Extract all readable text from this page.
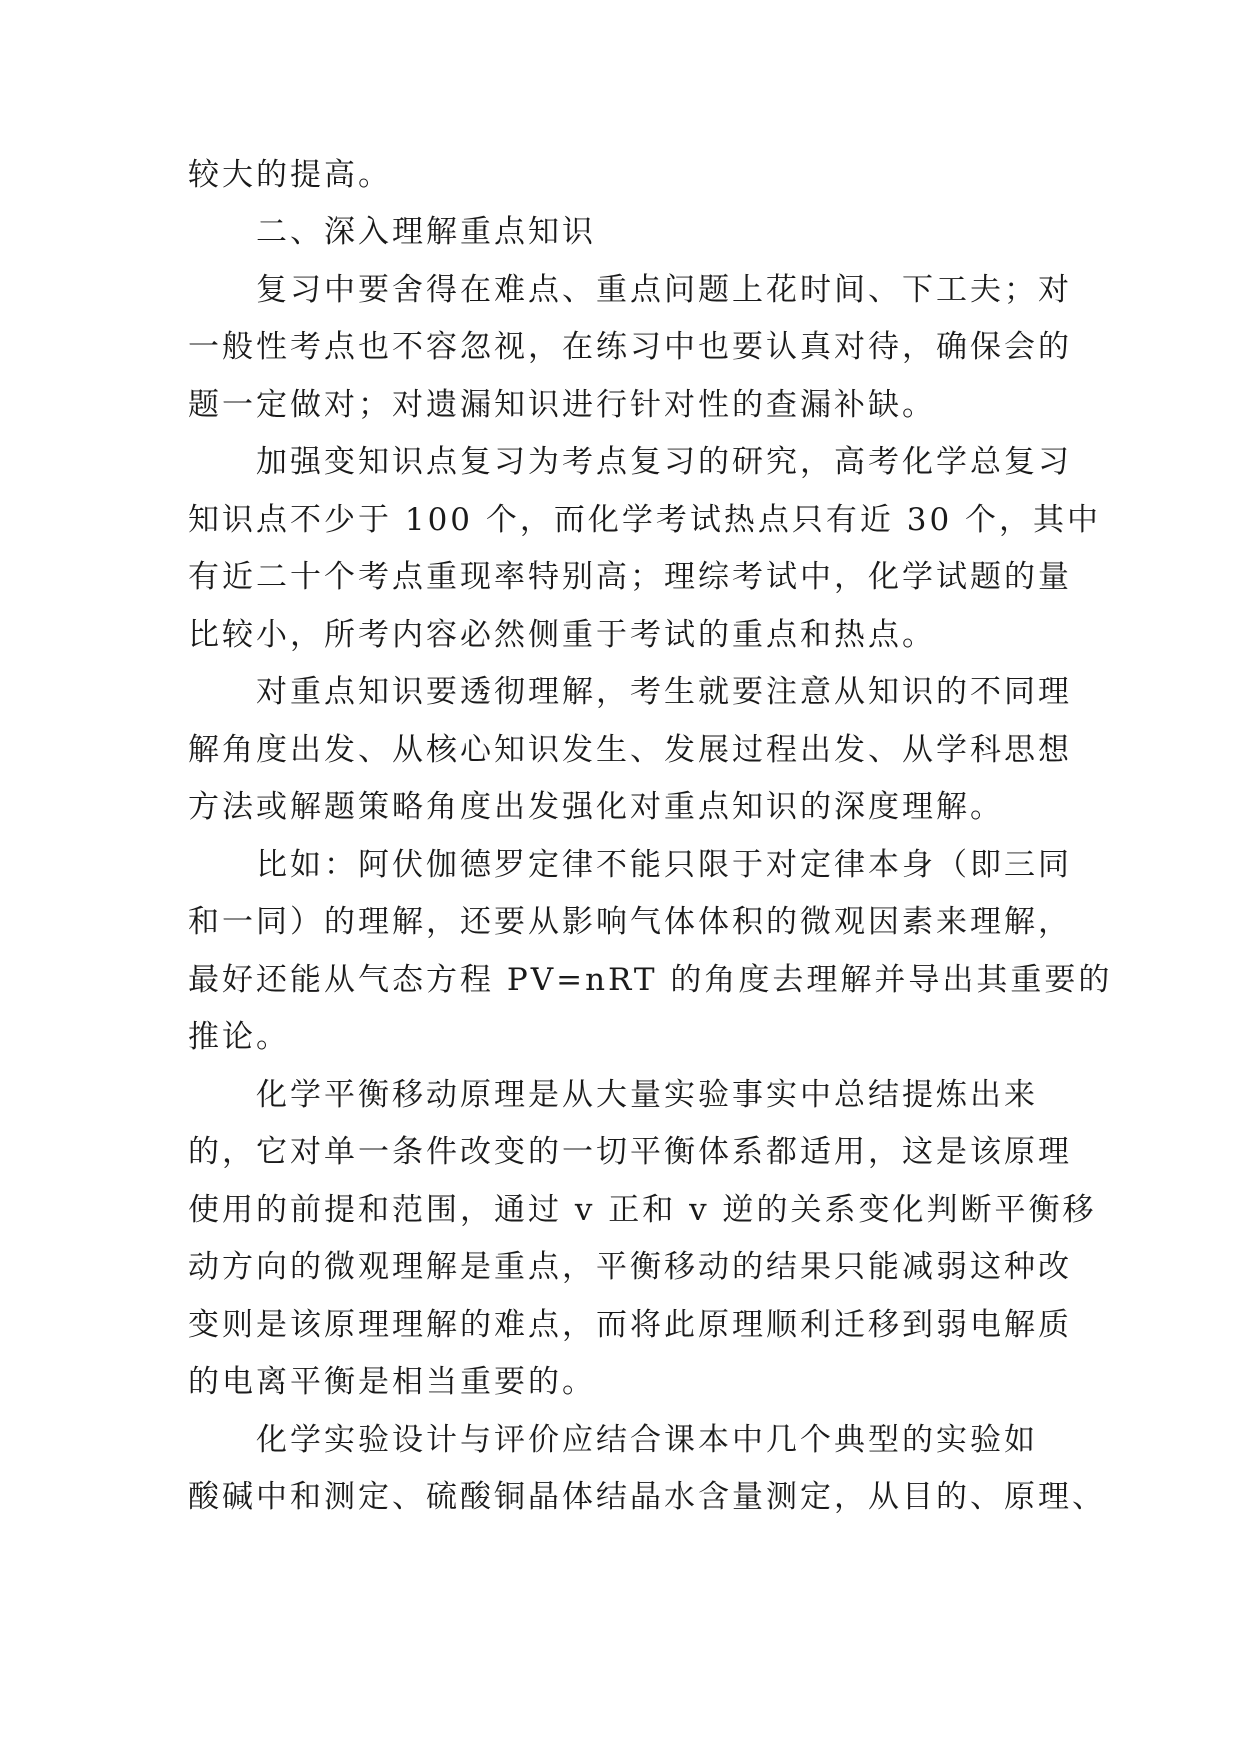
较大的提高。
　　二、深入理解重点知识
　　复习中要舍得在难点、重点问题上花时间、下工夫；对
一般性考点也不容忽视，在练习中也要认真对待，确保会的
题一定做对；对遗漏知识进行针对性的查漏补缺。
　　加强变知识点复习为考点复习的研究，高考化学总复习
知识点不少于 100 个，而化学考试热点只有近 30 个，其中
有近二十个考点重现率特别高；理综考试中，化学试题的量
比较小，所考内容必然侧重于考试的重点和热点。
　　对重点知识要透彻理解，考生就要注意从知识的不同理
解角度出发、从核心知识发生、发展过程出发、从学科思想
方法或解题策略角度出发强化对重点知识的深度理解。
　　比如：阿伏伽德罗定律不能只限于对定律本身（即三同
和一同）的理解，还要从影响气体体积的微观因素来理解，
最好还能从气态方程 PV=nRT 的角度去理解并导出其重要的
推论。
　　化学平衡移动原理是从大量实验事实中总结提炼出来
的，它对单一条件改变的一切平衡体系都适用，这是该原理
使用的前提和范围，通过 v 正和 v 逆的关系变化判断平衡移
动方向的微观理解是重点，平衡移动的结果只能减弱这种改
变则是该原理理解的难点，而将此原理顺利迁移到弱电解质
的电离平衡是相当重要的。
　　化学实验设计与评价应结合课本中几个典型的实验如
酸碱中和测定、硫酸铜晶体结晶水含量测定，从目的、原理、
